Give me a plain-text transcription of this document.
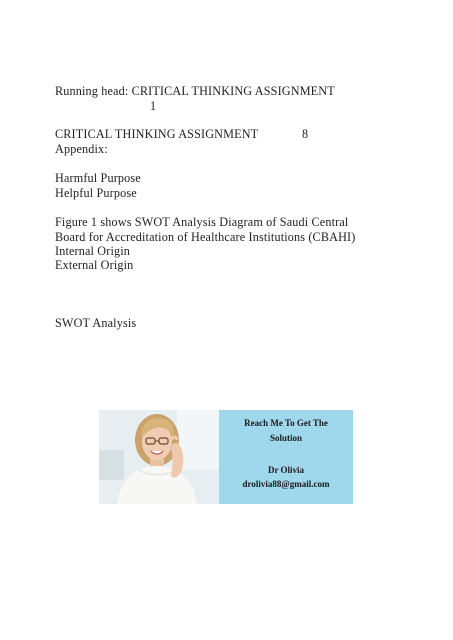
Running head: CRITICAL THINKING ASSIGNMENT
1
CRITICAL THINKING ASSIGNMENT	8
Appendix:
Harmful Purpose
Helpful Purpose
Figure 1 shows SWOT Analysis Diagram of Saudi Central
Board for Accreditation of Healthcare Institutions (CBAHI)
Internal Origin
External Origin
SWOT Analysis
Reach Me To Get The
Solution
Dr Olivia
drolivia88@gmail.com
